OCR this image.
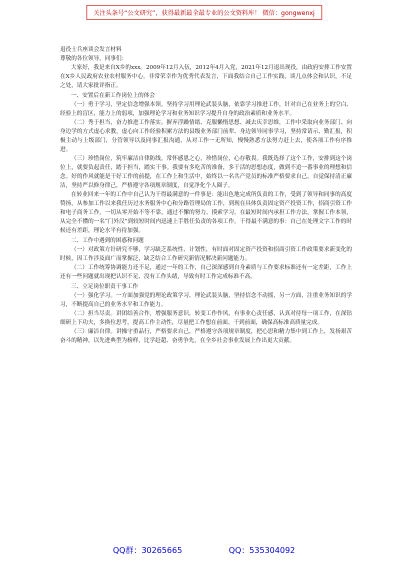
关注头条号“公文研究”，获得最新最全最专业的公文资料库！ 微信：gongwenxj
退役士兵座谈会发言材料
尊敬的各位领导，同事们：
大家好，我是来自X乡的xxx。2009年12月入伍，2012年4月入党，2021年12月退出现役，由政府安排工作安置在X乡人民政府农业农村服务中心。非常荣幸作为优秀代表发言，下面我结合自己工作实践，谈几点体会和认识，不足之处，请大家批评指正。
一、安置后在新工作岗位上的体会
（一）勇于学习，坚定信念增强本领。坚持学习用理论武装头脑，依靠学习推进工作，针对自己在业务上的空白、经验上的盲区，能力上的弱项，加强理论学习和业务知识学习提升自身的政治素质和业务水平。
（二）秀于担当，奋力推进工作落实。摒弃浮躁情绪、克服懒惰思想、减去庆幸思维，工作中采取向业务部门、向身边学的方式虚心求教，虚心向工作经验积累方法的县级业务部门前辈、身边领导同事学习，坚持常请示、勤汇报，积极主动与上级部门，分管领导以及同事汇报沟通，从对工作一无所知，慢慢熟悉方法努力赶上去，使各项工作有序推进。
（三）珍惜岗位，筑牢廉洁自律防线。常怀感恩之心，珍惜岗位，心存敬畏。我既选择了这个工作，安排到这个岗位上，就要负起责任，踏于担当，踏实干事。我要有多吃苦的准备，多干活的思想态度，做到不追一番事业的理想和信念。好的作风就能是干好工作的前提，在工作上和生活中，始终以一名共产党员的标准严格要求自己，自觉保持清正廉洁，坚持严以修身律己，严格遵守各项规章制度，自觉净化个人圈子。
在转业回来一年的工作中自己认为干得最满意的一件事是：能出色地完成所负责的工作，受到了领导和同事的高度赞扬，从参加工作以来我任历过水务服务中心和分路管理局的工作，到现在具体负责固定资产投资工作，招商引资工作和电子商务工作，一切从零开始不等不靠，通过不懈的努力、摸索学习，在最短时间内承担工作方法，掌握工作本领，从完全不懂的一名“门外汉”到较短时间内迅速上手胜任负责的各项工作。干得最不满意的事：自己在处理文字工作的时候还有差距，理论水平有待加强。
二、工作中遇到的困惑和问题
（一）对政策方针研究不够，学习缺乏系统性、计划性，有时面对固定资产投资和招商引资工作政策要求新变化的时候，因工作涉及面广而掌握泛，缺乏结合工作研究新情况解决新问题能力。
（二）工作统筹协调能力还不足，通过一年的工作，自己深深感到自身素质与工作要求标准还有一定差距，工作上还有一些问题就出现把认识不足、没有工作头绪，导致有时工作完成标准不高。
三、立足岗位职责干事工作
（一）强化学习。一方面加强党的理论政策学习，理论武装头脑，坚持信念不动摇，另一方面，注重业务知识的学习，不断提高自己的业务水平和工作能力。
（二）担当尽责。讲团结善合作，增强服务意识，转变工作作风，有事业心责任感，认真对待每一项工作，在深钻细研上下功夫，多换位思考，提高工作主动性，尽量把工作想在前面、干到前面，确保高标准高质量完成。
（三）廉洁自律。讲操守重品行，严格要求自己，严格遵守各项规章制度，把心思和精力集中到工作上，发扬艰苦奋斗的精神，以先进典型为榜样，比学赶超、奋勇争先，在全乡社会事业发展上作出更大贡献。
QQ群：30265665	QQ：535304092
